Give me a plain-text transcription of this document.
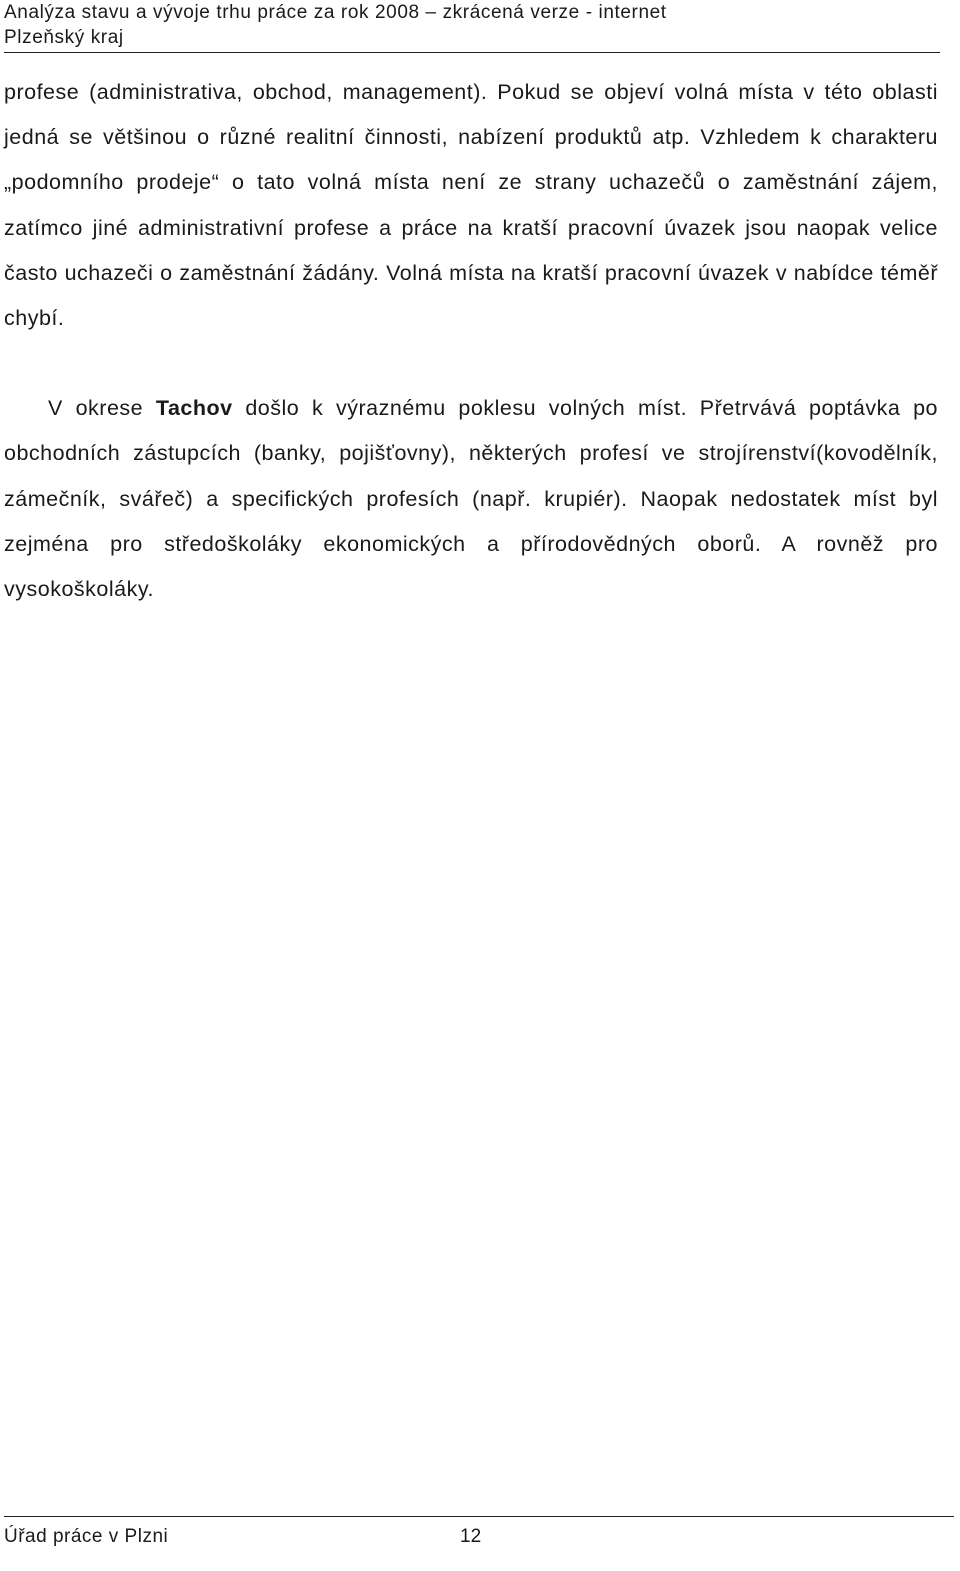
Analýza stavu a vývoje trhu práce za rok 2008 – zkrácená verze - internet
Plzeňský kraj

profese (administrativa, obchod, management). Pokud se objeví volná místa v této oblasti jedná se většinou o různé realitní činnosti, nabízení produktů atp. Vzhledem k charakteru „podomního prodeje“ o tato volná místa není ze strany uchazečů o zaměstnání zájem, zatímco jiné administrativní profese a práce na kratší pracovní úvazek jsou naopak velice často uchazeči o zaměstnání žádány. Volná místa na kratší pracovní úvazek v nabídce téměř chybí.

V okrese Tachov došlo k výraznému poklesu volných míst. Přetrvává poptávka po obchodních zástupcích (banky, pojišťovny), některých profesí ve strojírenství(kovodělník, zámečník, svářeč) a specifických profesích (např. krupiér). Naopak nedostatek míst byl zejména pro středoškoláky ekonomických a přírodovědných oborů. A rovněž pro vysokoškoláky.

Úřad práce v Plzni	12
